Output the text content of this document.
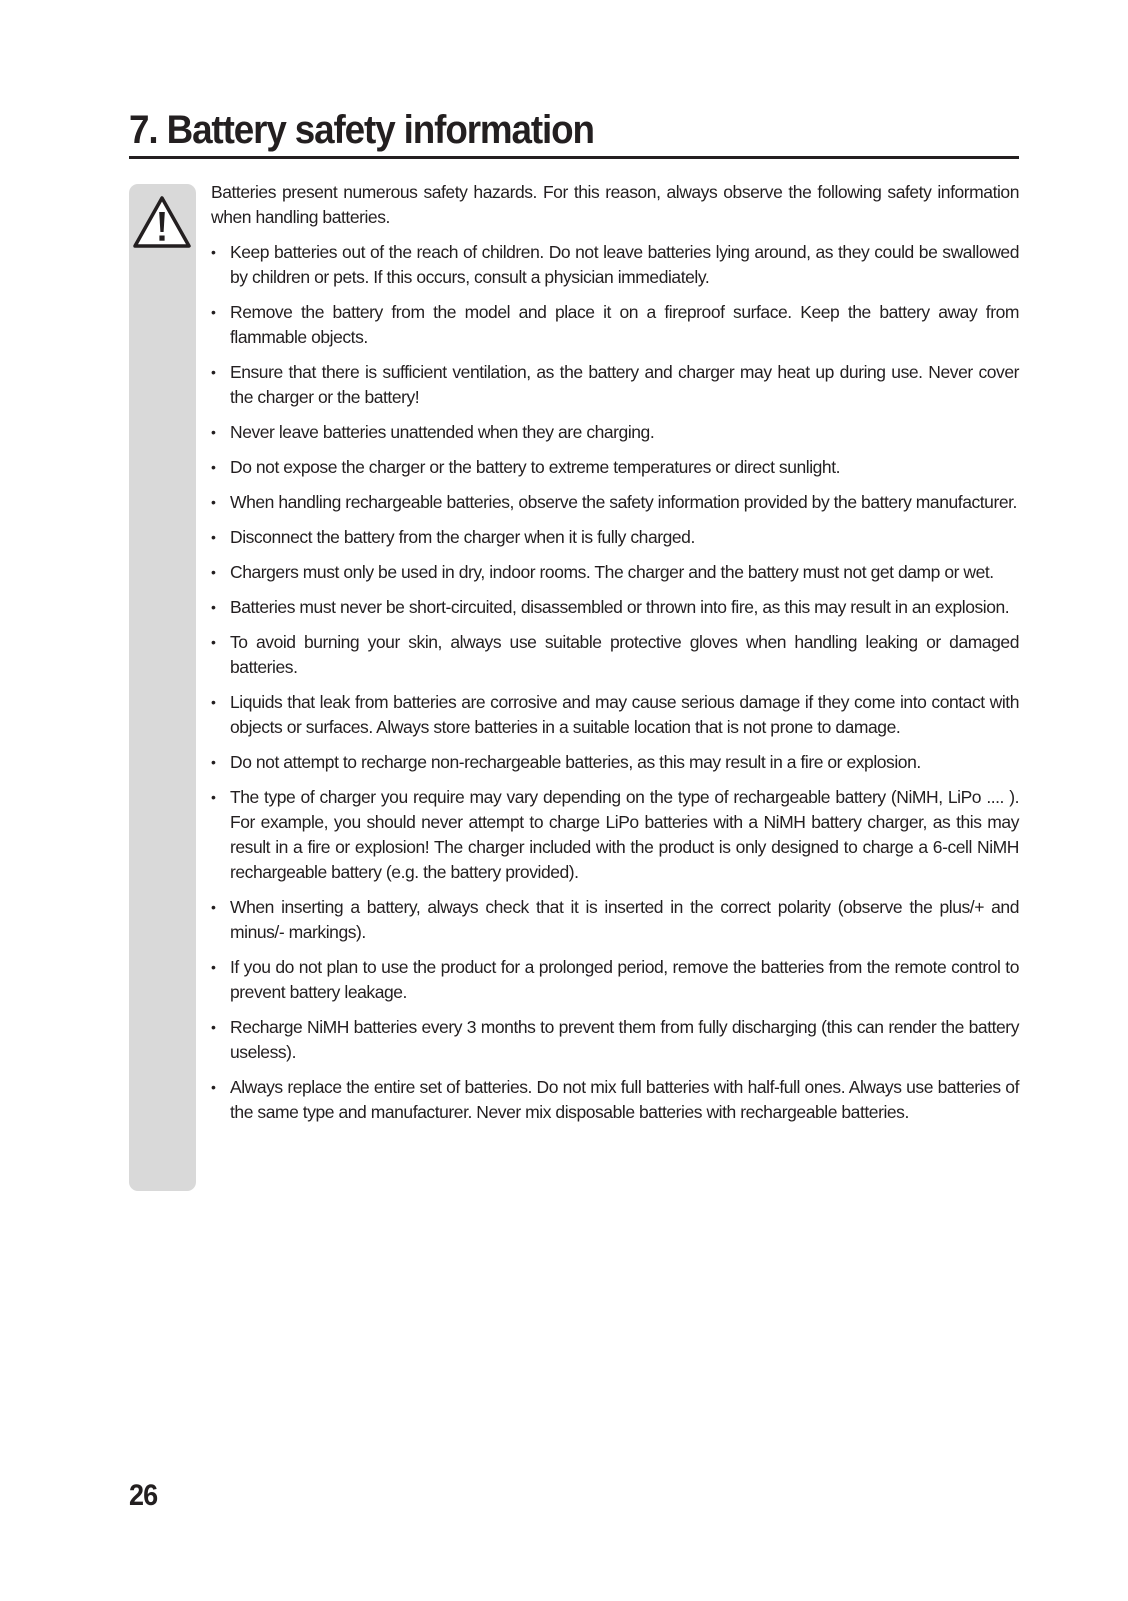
7. Battery safety information

Batteries present numerous safety hazards. For this reason, always observe the following safety information when handling batteries.

• Keep batteries out of the reach of children. Do not leave batteries lying around, as they could be swallowed by children or pets. If this occurs, consult a physician immediately.
• Remove the battery from the model and place it on a fireproof surface. Keep the battery away from flammable objects.
• Ensure that there is sufficient ventilation, as the battery and charger may heat up during use. Never cover the charger or the battery!
• Never leave batteries unattended when they are charging.
• Do not expose the charger or the battery to extreme temperatures or direct sunlight.
• When handling rechargeable batteries, observe the safety information provided by the battery manufacturer.
• Disconnect the battery from the charger when it is fully charged.
• Chargers must only be used in dry, indoor rooms. The charger and the battery must not get damp or wet.
• Batteries must never be short-circuited, disassembled or thrown into fire, as this may result in an explosion.
• To avoid burning your skin, always use suitable protective gloves when handling leaking or damaged batteries.
• Liquids that leak from batteries are corrosive and may cause serious damage if they come into contact with objects or surfaces. Always store batteries in a suitable location that is not prone to damage.
• Do not attempt to recharge non-rechargeable batteries, as this may result in a fire or explosion.
• The type of charger you require may vary depending on the type of rechargeable battery (NiMH, LiPo .... ). For example, you should never attempt to charge LiPo batteries with a NiMH battery charger, as this may result in a fire or explosion! The charger included with the product is only designed to charge a 6-cell NiMH rechargeable battery (e.g. the battery provided).
• When inserting a battery, always check that it is inserted in the correct polarity (observe the plus/+ and minus/- markings).
• If you do not plan to use the product for a prolonged period, remove the batteries from the remote control to prevent battery leakage.
• Recharge NiMH batteries every 3 months to prevent them from fully discharging (this can render the battery useless).
• Always replace the entire set of batteries. Do not mix full batteries with half-full ones. Always use batteries of the same type and manufacturer. Never mix disposable batteries with rechargeable batteries.
26
